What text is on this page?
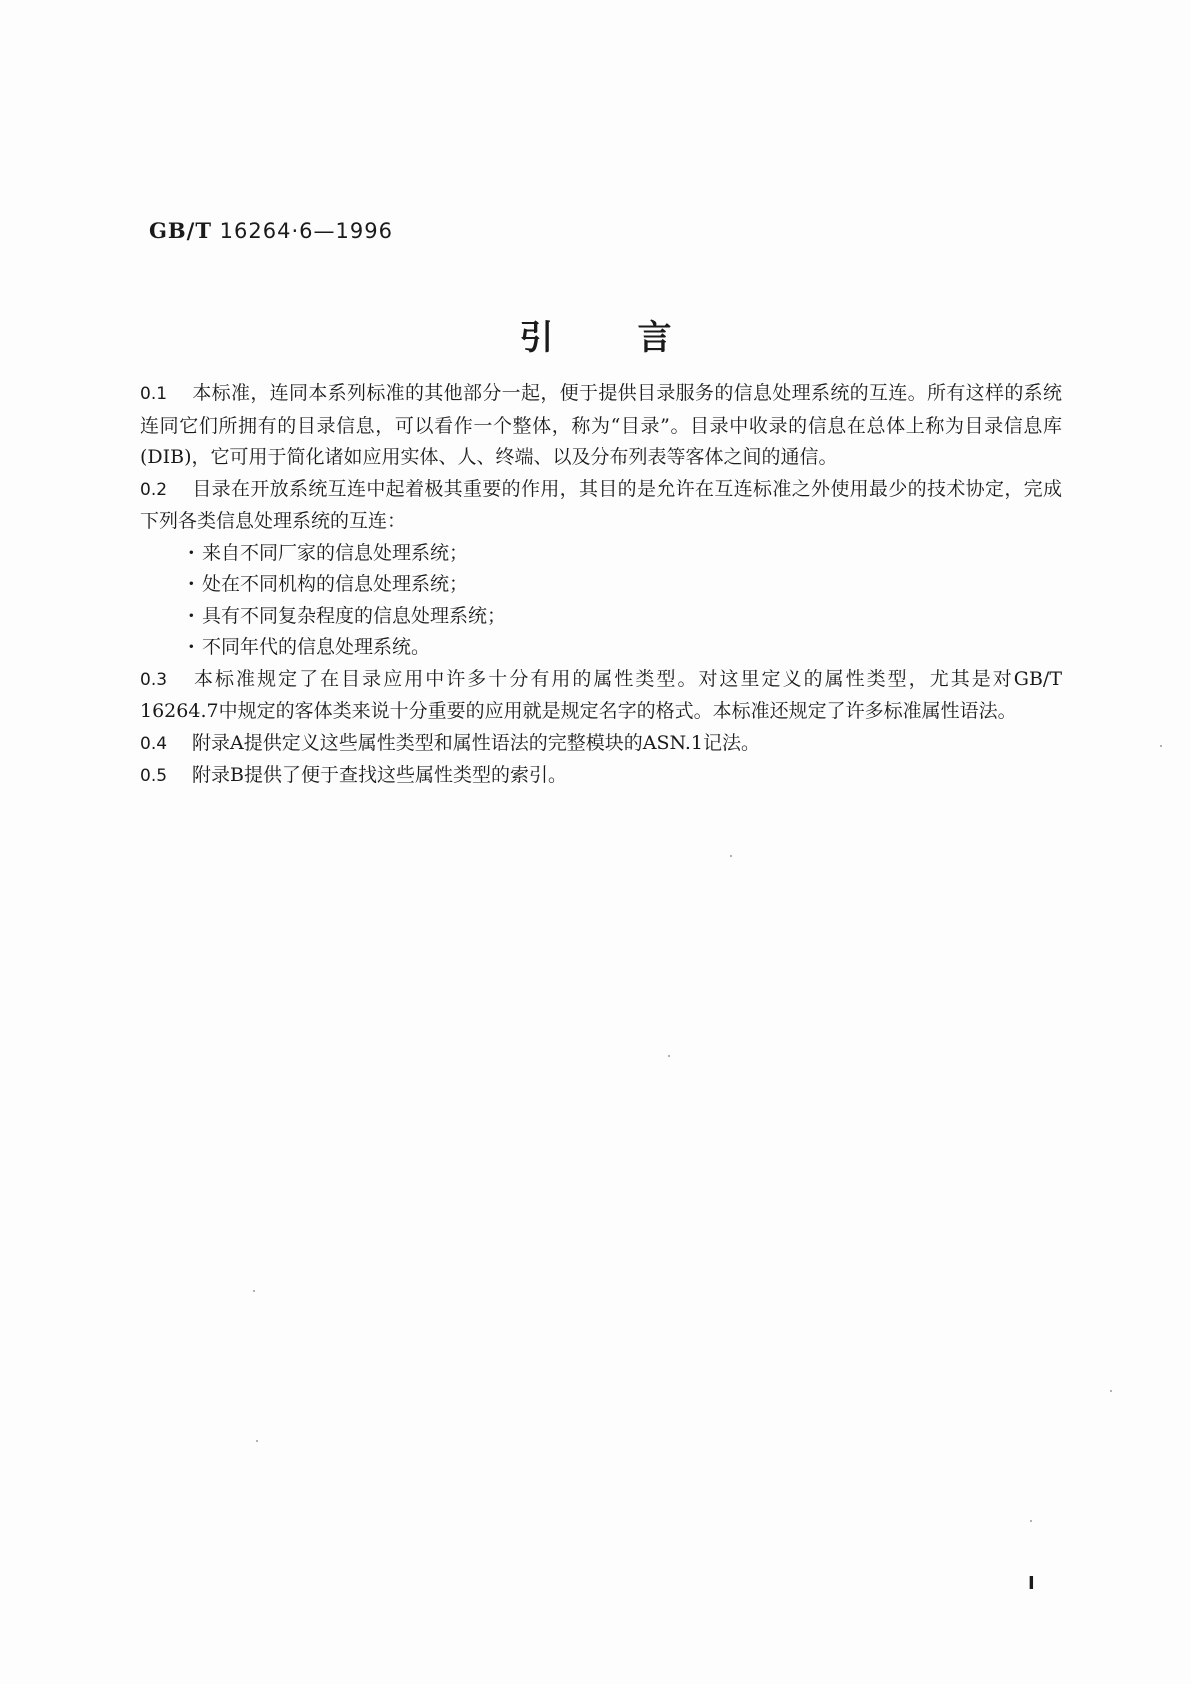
GB/T 16264·6—1996
引言

0.1 本标准，连同本系列标准的其他部分一起，便于提供目录服务的信息处理系统的互连。所有这样的系统连同它们所拥有的目录信息，可以看作一个整体，称为“目录”。目录中收录的信息在总体上称为目录信息库(DIB)，它可用于简化诸如应用实体、人、终端、以及分布列表等客体之间的通信。

0.2 目录在开放系统互连中起着极其重要的作用，其目的是允许在互连标准之外使用最少的技术协定，完成下列各类信息处理系统的互连：

· 来自不同厂家的信息处理系统；
· 处在不同机构的信息处理系统；
· 具有不同复杂程度的信息处理系统；
· 不同年代的信息处理系统。

0.3 本标准规定了在目录应用中许多十分有用的属性类型。对这里定义的属性类型，尤其是对GB/T 16264.7中规定的客体类来说十分重要的应用就是规定名字的格式。本标准还规定了许多标准属性语法。

0.4 附录A提供定义这些属性类型和属性语法的完整模块的ASN.1记法。

0.5 附录B提供了便于查找这些属性类型的索引。

Ⅰ
